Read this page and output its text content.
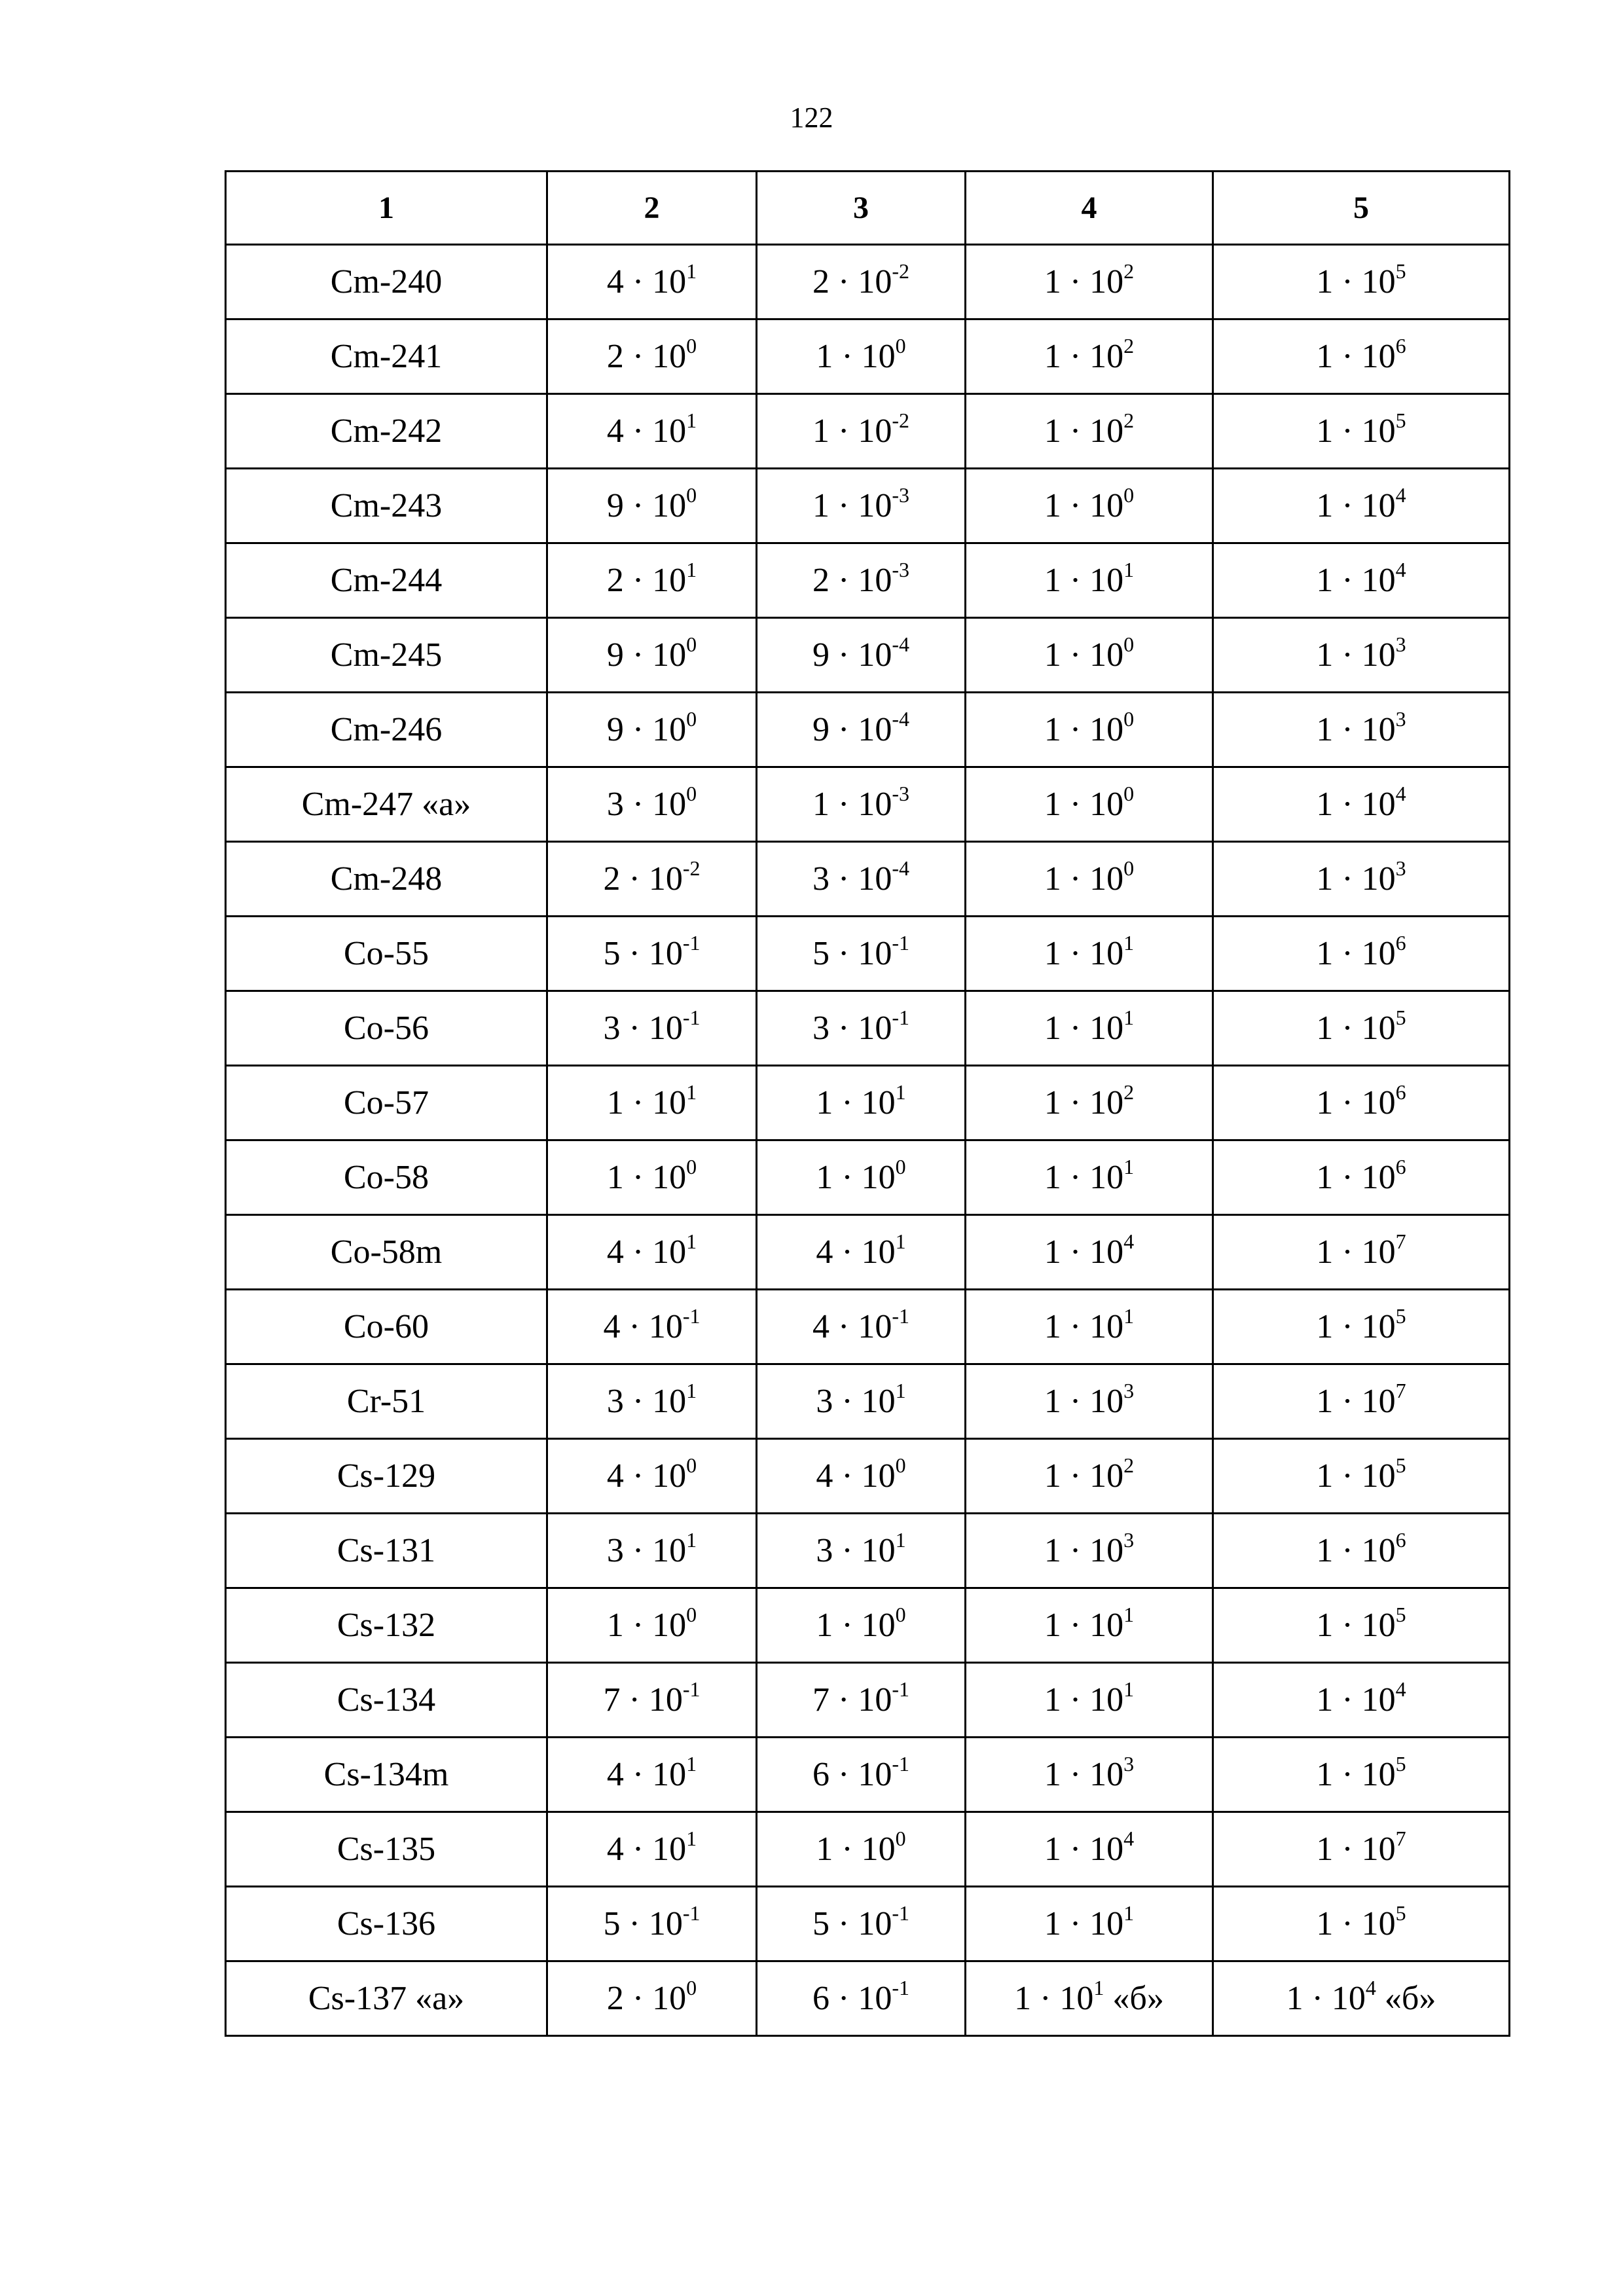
122
1	2	3	4	5
Cm-240	$4 \cdot 10^1$	$2 \cdot 10^{-2}$	$1 \cdot 10^2$	$1 \cdot 10^5$
Cm-241	$2 \cdot 10^0$	$1 \cdot 10^0$	$1 \cdot 10^2$	$1 \cdot 10^6$
Cm-242	$4 \cdot 10^1$	$1 \cdot 10^{-2}$	$1 \cdot 10^2$	$1 \cdot 10^5$
Cm-243	$9 \cdot 10^0$	$1 \cdot 10^{-3}$	$1 \cdot 10^0$	$1 \cdot 10^4$
Cm-244	$2 \cdot 10^1$	$2 \cdot 10^{-3}$	$1 \cdot 10^1$	$1 \cdot 10^4$
Cm-245	$9 \cdot 10^0$	$9 \cdot 10^{-4}$	$1 \cdot 10^0$	$1 \cdot 10^3$
Cm-246	$9 \cdot 10^0$	$9 \cdot 10^{-4}$	$1 \cdot 10^0$	$1 \cdot 10^3$
Cm-247 «a»	$3 \cdot 10^0$	$1 \cdot 10^{-3}$	$1 \cdot 10^0$	$1 \cdot 10^4$
Cm-248	$2 \cdot 10^{-2}$	$3 \cdot 10^{-4}$	$1 \cdot 10^0$	$1 \cdot 10^3$
Co-55	$5 \cdot 10^{-1}$	$5 \cdot 10^{-1}$	$1 \cdot 10^1$	$1 \cdot 10^6$
Co-56	$3 \cdot 10^{-1}$	$3 \cdot 10^{-1}$	$1 \cdot 10^1$	$1 \cdot 10^5$
Co-57	$1 \cdot 10^1$	$1 \cdot 10^1$	$1 \cdot 10^2$	$1 \cdot 10^6$
Co-58	$1 \cdot 10^0$	$1 \cdot 10^0$	$1 \cdot 10^1$	$1 \cdot 10^6$
Co-58m	$4 \cdot 10^1$	$4 \cdot 10^1$	$1 \cdot 10^4$	$1 \cdot 10^7$
Co-60	$4 \cdot 10^{-1}$	$4 \cdot 10^{-1}$	$1 \cdot 10^1$	$1 \cdot 10^5$
Cr-51	$3 \cdot 10^1$	$3 \cdot 10^1$	$1 \cdot 10^3$	$1 \cdot 10^7$
Cs-129	$4 \cdot 10^0$	$4 \cdot 10^0$	$1 \cdot 10^2$	$1 \cdot 10^5$
Cs-131	$3 \cdot 10^1$	$3 \cdot 10^1$	$1 \cdot 10^3$	$1 \cdot 10^6$
Cs-132	$1 \cdot 10^0$	$1 \cdot 10^0$	$1 \cdot 10^1$	$1 \cdot 10^5$
Cs-134	$7 \cdot 10^{-1}$	$7 \cdot 10^{-1}$	$1 \cdot 10^1$	$1 \cdot 10^4$
Cs-134m	$4 \cdot 10^1$	$6 \cdot 10^{-1}$	$1 \cdot 10^3$	$1 \cdot 10^5$
Cs-135	$4 \cdot 10^1$	$1 \cdot 10^0$	$1 \cdot 10^4$	$1 \cdot 10^7$
Cs-136	$5 \cdot 10^{-1}$	$5 \cdot 10^{-1}$	$1 \cdot 10^1$	$1 \cdot 10^5$
Cs-137 «a»	$2 \cdot 10^0$	$6 \cdot 10^{-1}$	$1 \cdot 10^1$ «б»	$1 \cdot 10^4$ «б»
